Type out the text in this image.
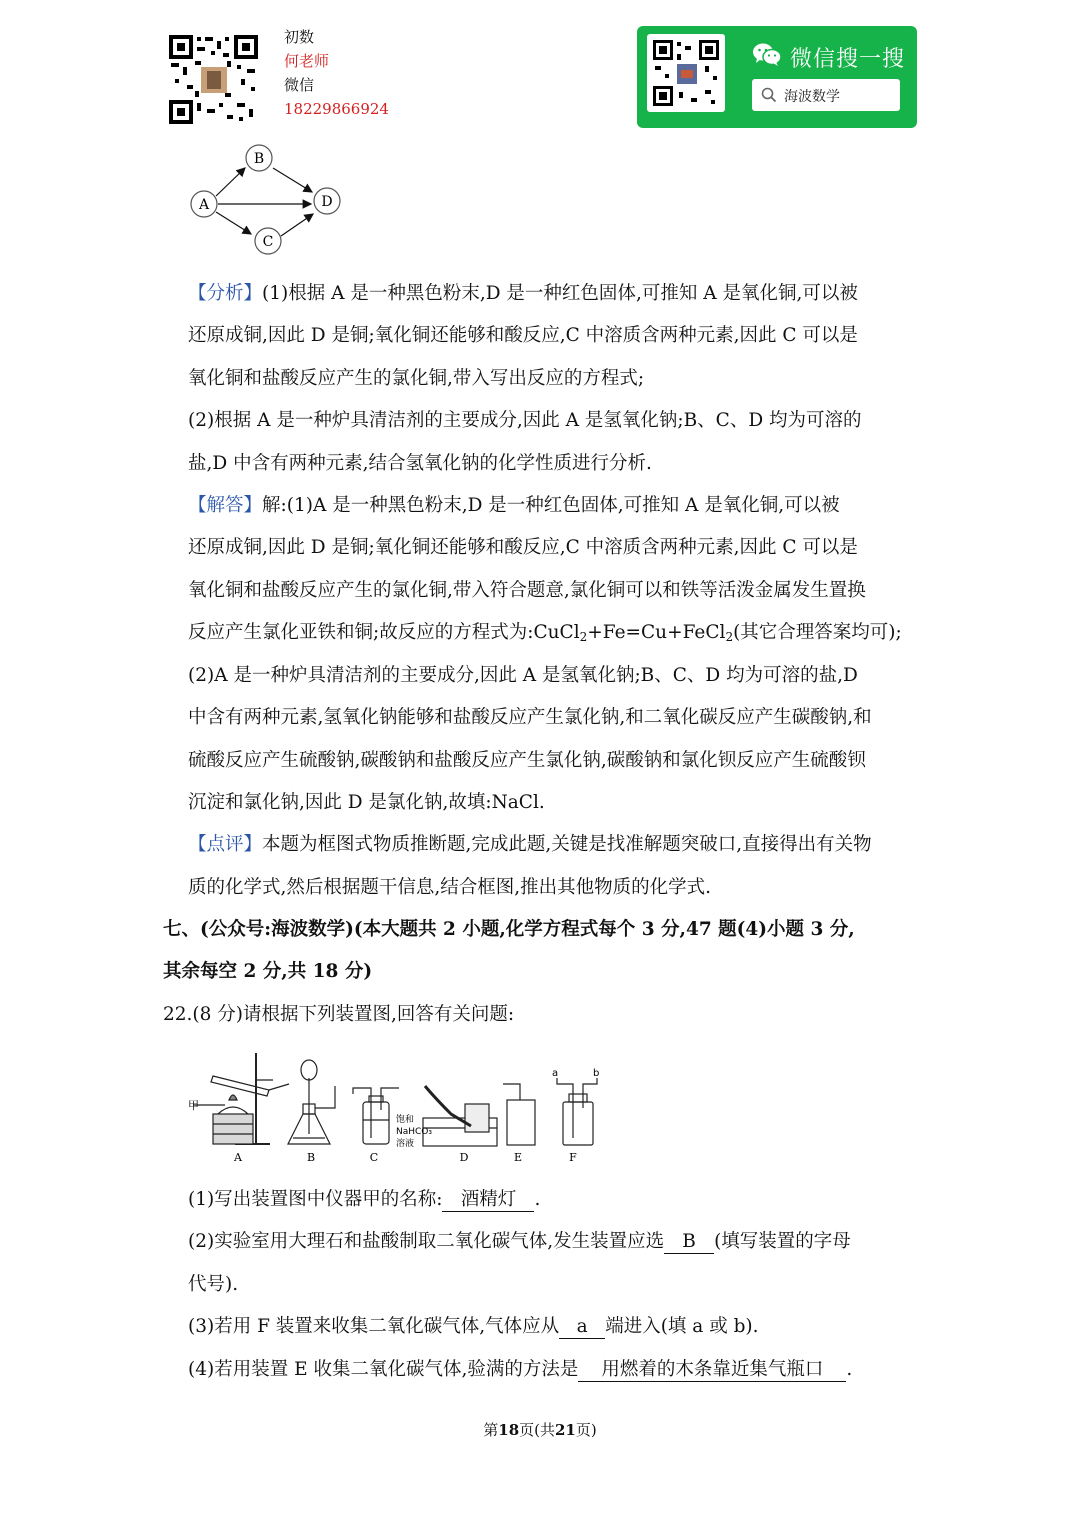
初数
何老师
微信
18229866924
微信搜一搜
海波数学
A
B
C
D
【分析】(1)根据 A 是一种黑色粉末,D 是一种红色固体,可推知 A 是氧化铜,可以被
还原成铜,因此 D 是铜;氧化铜还能够和酸反应,C 中溶质含两种元素,因此 C 可以是
氧化铜和盐酸反应产生的氯化铜,带入写出反应的方程式;
(2)根据 A 是一种炉具清洁剂的主要成分,因此 A 是氢氧化钠;B、C、D 均为可溶的
盐,D 中含有两种元素,结合氢氧化钠的化学性质进行分析.
【解答】解:(1)A 是一种黑色粉末,D 是一种红色固体,可推知 A 是氧化铜,可以被
还原成铜,因此 D 是铜;氧化铜还能够和酸反应,C 中溶质含两种元素,因此 C 可以是
氧化铜和盐酸反应产生的氯化铜,带入符合题意,氯化铜可以和铁等活泼金属发生置换
反应产生氯化亚铁和铜;故反应的方程式为:CuCl$_2$+Fe=Cu+FeCl$_2$(其它合理答案均可);
(2)A 是一种炉具清洁剂的主要成分,因此 A 是氢氧化钠;B、C、D 均为可溶的盐,D
中含有两种元素,氢氧化钠能够和盐酸反应产生氯化钠,和二氧化碳反应产生碳酸钠,和
硫酸反应产生硫酸钠,碳酸钠和盐酸反应产生氯化钠,碳酸钠和氯化钡反应产生硫酸钡
沉淀和氯化钠,因此 D 是氯化钠,故填:NaCl.
【点评】本题为框图式物质推断题,完成此题,关键是找准解题突破口,直接得出有关物
质的化学式,然后根据题干信息,结合框图,推出其他物质的化学式.
七、(公众号:海波数学)(本大题共 2 小题,化学方程式每个 3 分,47 题(4)小题 3 分,
其余每空 2 分,共 18 分)
22.(8 分)请根据下列装置图,回答有关问题:
甲
饱和
NaHCO₃
溶液
a	b
A	B	C	D	E	F
(1)写出装置图中仪器甲的名称: 酒精灯 .
(2)实验室用大理石和盐酸制取二氧化碳气体,发生装置应选 B (填写装置的字母
代号).
(3)若用 F 装置来收集二氧化碳气体,气体应从 a 端进入(填 a 或 b).
(4)若用装置 E 收集二氧化碳气体,验满的方法是 用燃着的木条靠近集气瓶口 .
第18页(共21页)
